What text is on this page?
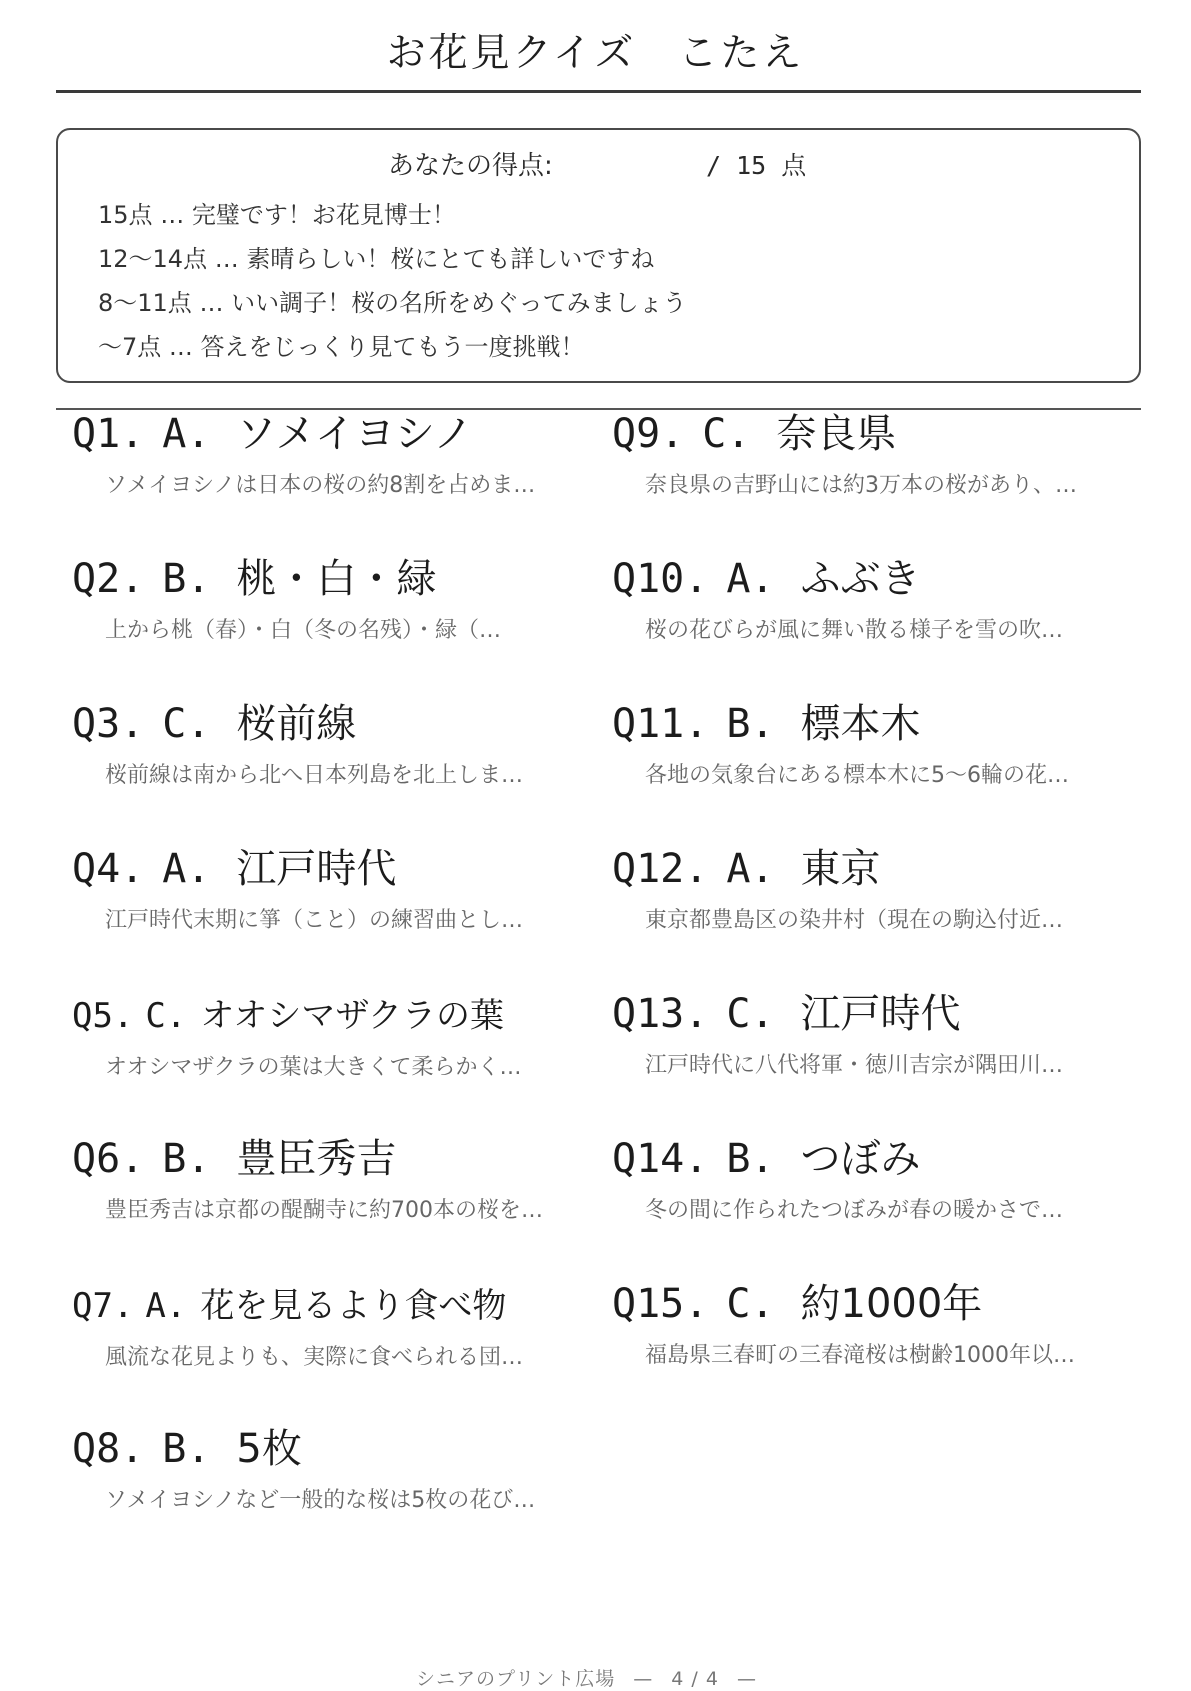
お花見クイズ　こたえ
あなたの得点:	/ 15 点
15点 … 完璧です！お花見博士！
12〜14点 … 素晴らしい！桜にとても詳しいですね
8〜11点 … いい調子！桜の名所をめぐってみましょう
〜7点 … 答えをじっくり見てもう一度挑戦！
Q1. A. ソメイヨシノ
ソメイヨシノは日本の桜の約8割を占めま…
Q2. B. 桃・白・緑
上から桃（春）・白（冬の名残）・緑（…
Q3. C. 桜前線
桜前線は南から北へ日本列島を北上しま…
Q4. A. 江戸時代
江戸時代末期に箏（こと）の練習曲とし…
Q5. C. オオシマザクラの葉
オオシマザクラの葉は大きくて柔らかく…
Q6. B. 豊臣秀吉
豊臣秀吉は京都の醍醐寺に約700本の桜を…
Q7. A. 花を見るより食べ物
風流な花見よりも、実際に食べられる団…
Q8. B. 5枚
ソメイヨシノなど一般的な桜は5枚の花び…
Q9. C. 奈良県
奈良県の吉野山には約3万本の桜があり、…
Q10. A. ふぶき
桜の花びらが風に舞い散る様子を雪の吹…
Q11. B. 標本木
各地の気象台にある標本木に5〜6輪の花…
Q12. A. 東京
東京都豊島区の染井村（現在の駒込付近…
Q13. C. 江戸時代
江戸時代に八代将軍・徳川吉宗が隅田川…
Q14. B. つぼみ
冬の間に作られたつぼみが春の暖かさで…
Q15. C. 約1000年
福島県三春町の三春滝桜は樹齢1000年以…
シニアのプリント広場 — 4 / 4 —
